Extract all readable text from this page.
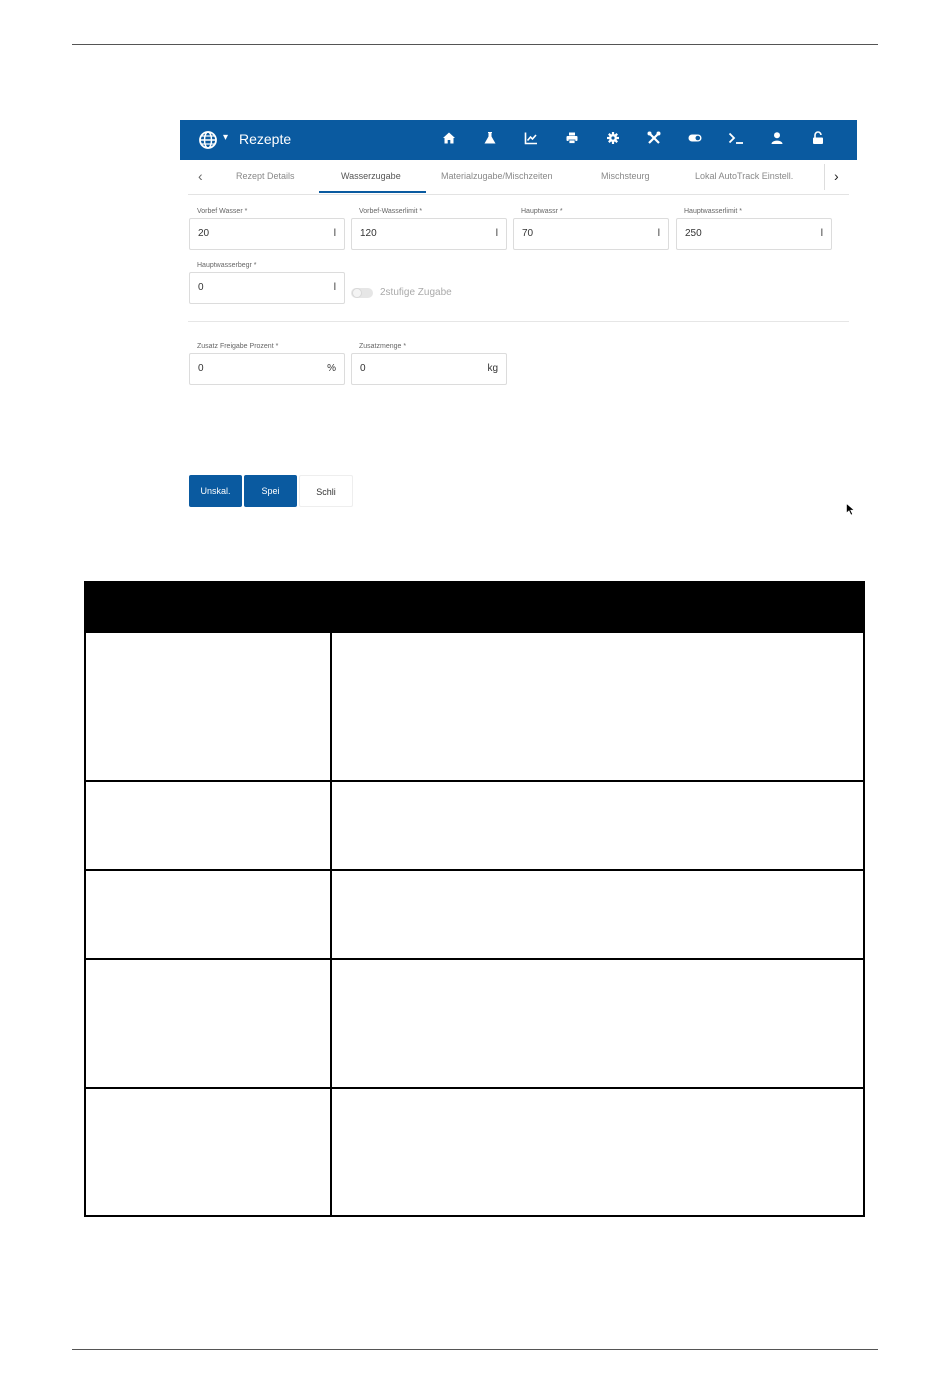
▾ Rezepte
‹	Rezept Details	Wasserzugabe	Materialzugabe/Mischzeiten	Mischsteurg	Lokal AutoTrack Einstell.	›
Vorbef Wasser *
20	l
Vorbef-Wasserlimit *
120	l
Hauptwassr *
70	l
Hauptwasserlimit *
250	l
Hauptwasserbegr *
0	l	2stufige Zugabe
Zusatz Freigabe Prozent *
0	%
Zusatzmenge *
0	kg
Unskal.	Spei	Schli
